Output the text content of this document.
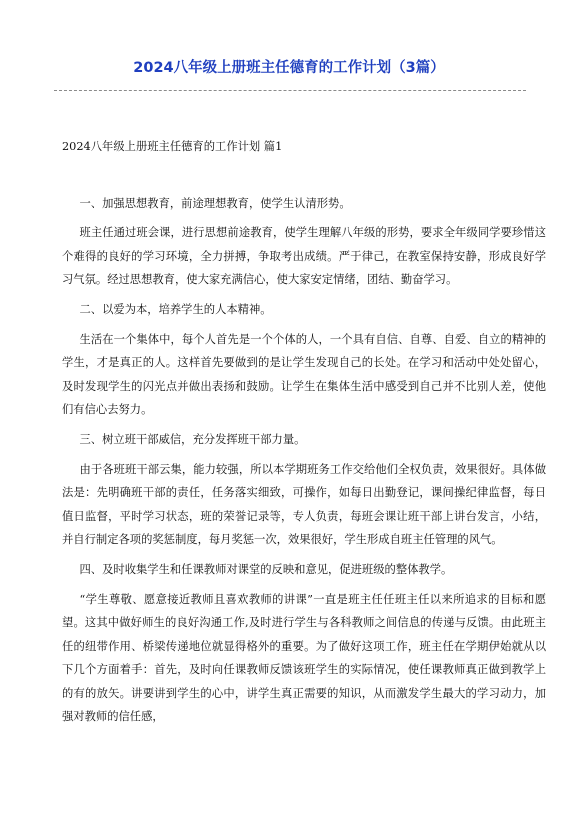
2024八年级上册班主任德育的工作计划（3篇）

2024八年级上册班主任德育的工作计划 篇1

一、加强思想教育，前途理想教育，使学生认清形势。

班主任通过班会课，进行思想前途教育，使学生理解八年级的形势，要求全年级同学要珍惜这个难得的良好的学习环境，全力拼搏，争取考出成绩。严于律己，在教室保持安静，形成良好学习气氛。经过思想教育，使大家充满信心，使大家安定情绪，团结、勤奋学习。

二、以爱为本，培养学生的人本精神。

生活在一个集体中，每个人首先是一个个体的人，一个具有自信、自尊、自爱、自立的精神的学生，才是真正的人。这样首先要做到的是让学生发现自己的长处。在学习和活动中处处留心，及时发现学生的闪光点并做出表扬和鼓励。让学生在集体生活中感受到自己并不比别人差，使他们有信心去努力。

三、树立班干部威信，充分发挥班干部力量。

由于各班班干部云集，能力较强，所以本学期班务工作交给他们全权负责，效果很好。具体做法是：先明确班干部的责任，任务落实细致，可操作，如每日出勤登记，课间操纪律监督，每日值日监督，平时学习状态，班的荣誉记录等，专人负责，每班会课让班干部上讲台发言，小结，并自行制定各项的奖惩制度，每月奖惩一次，效果很好，学生形成自班主任管理的风气。

四、及时收集学生和任课教师对课堂的反映和意见，促进班级的整体教学。

“学生尊敬、愿意接近教师且喜欢教师的讲课”一直是班主任任班主任以来所追求的目标和愿望。这其中做好师生的良好沟通工作,及时进行学生与各科教师之间信息的传递与反馈。由此班主任的纽带作用、桥梁传递地位就显得格外的重要。为了做好这项工作，班主任在学期伊始就从以下几个方面着手：首先，及时向任课教师反馈该班学生的实际情况，使任课教师真正做到教学上的有的放矢。讲要讲到学生的心中，讲学生真正需要的知识，从而激发学生最大的学习动力，加强对教师的信任感，
